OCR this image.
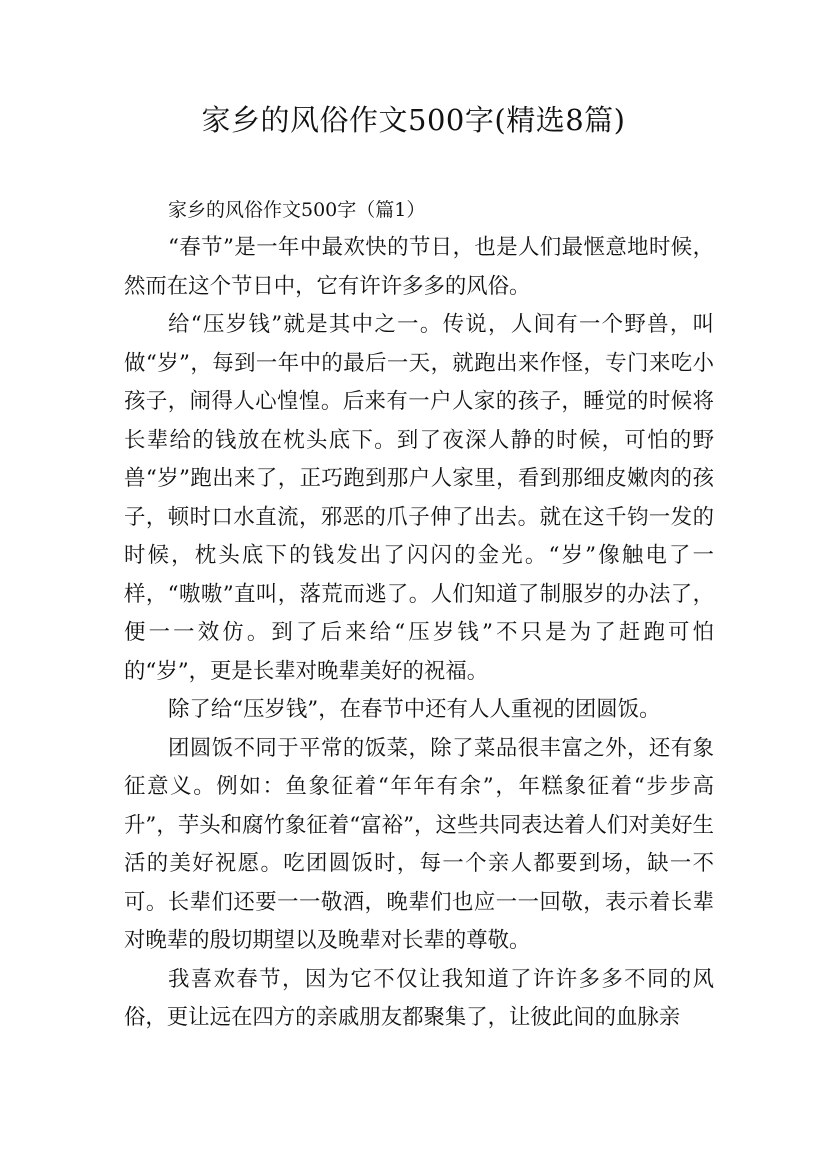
家乡的风俗作文500字(精选8篇)
家乡的风俗作文500字（篇1）

“春节”是一年中最欢快的节日，也是人们最惬意地时候，然而在这个节日中，它有许许多多的风俗。

给“压岁钱”就是其中之一。传说，人间有一个野兽，叫做“岁”，每到一年中的最后一天，就跑出来作怪，专门来吃小孩子，闹得人心惶惶。后来有一户人家的孩子，睡觉的时候将长辈给的钱放在枕头底下。到了夜深人静的时候，可怕的野兽“岁”跑出来了，正巧跑到那户人家里，看到那细皮嫩肉的孩子，顿时口水直流，邪恶的爪子伸了出去。就在这千钧一发的时候，枕头底下的钱发出了闪闪的金光。“岁”像触电了一样，“嗷嗷”直叫，落荒而逃了。人们知道了制服岁的办法了，便一一效仿。到了后来给“压岁钱”不只是为了赶跑可怕的“岁”，更是长辈对晚辈美好的祝福。

除了给“压岁钱”，在春节中还有人人重视的团圆饭。

团圆饭不同于平常的饭菜，除了菜品很丰富之外，还有象征意义。例如：鱼象征着“年年有余”，年糕象征着“步步高升”，芋头和腐竹象征着“富裕”，这些共同表达着人们对美好生活的美好祝愿。吃团圆饭时，每一个亲人都要到场，缺一不可。长辈们还要一一敬酒，晚辈们也应一一回敬，表示着长辈对晚辈的殷切期望以及晚辈对长辈的尊敬。

我喜欢春节，因为它不仅让我知道了许许多多不同的风俗，更让远在四方的亲戚朋友都聚集了，让彼此间的血脉亲
